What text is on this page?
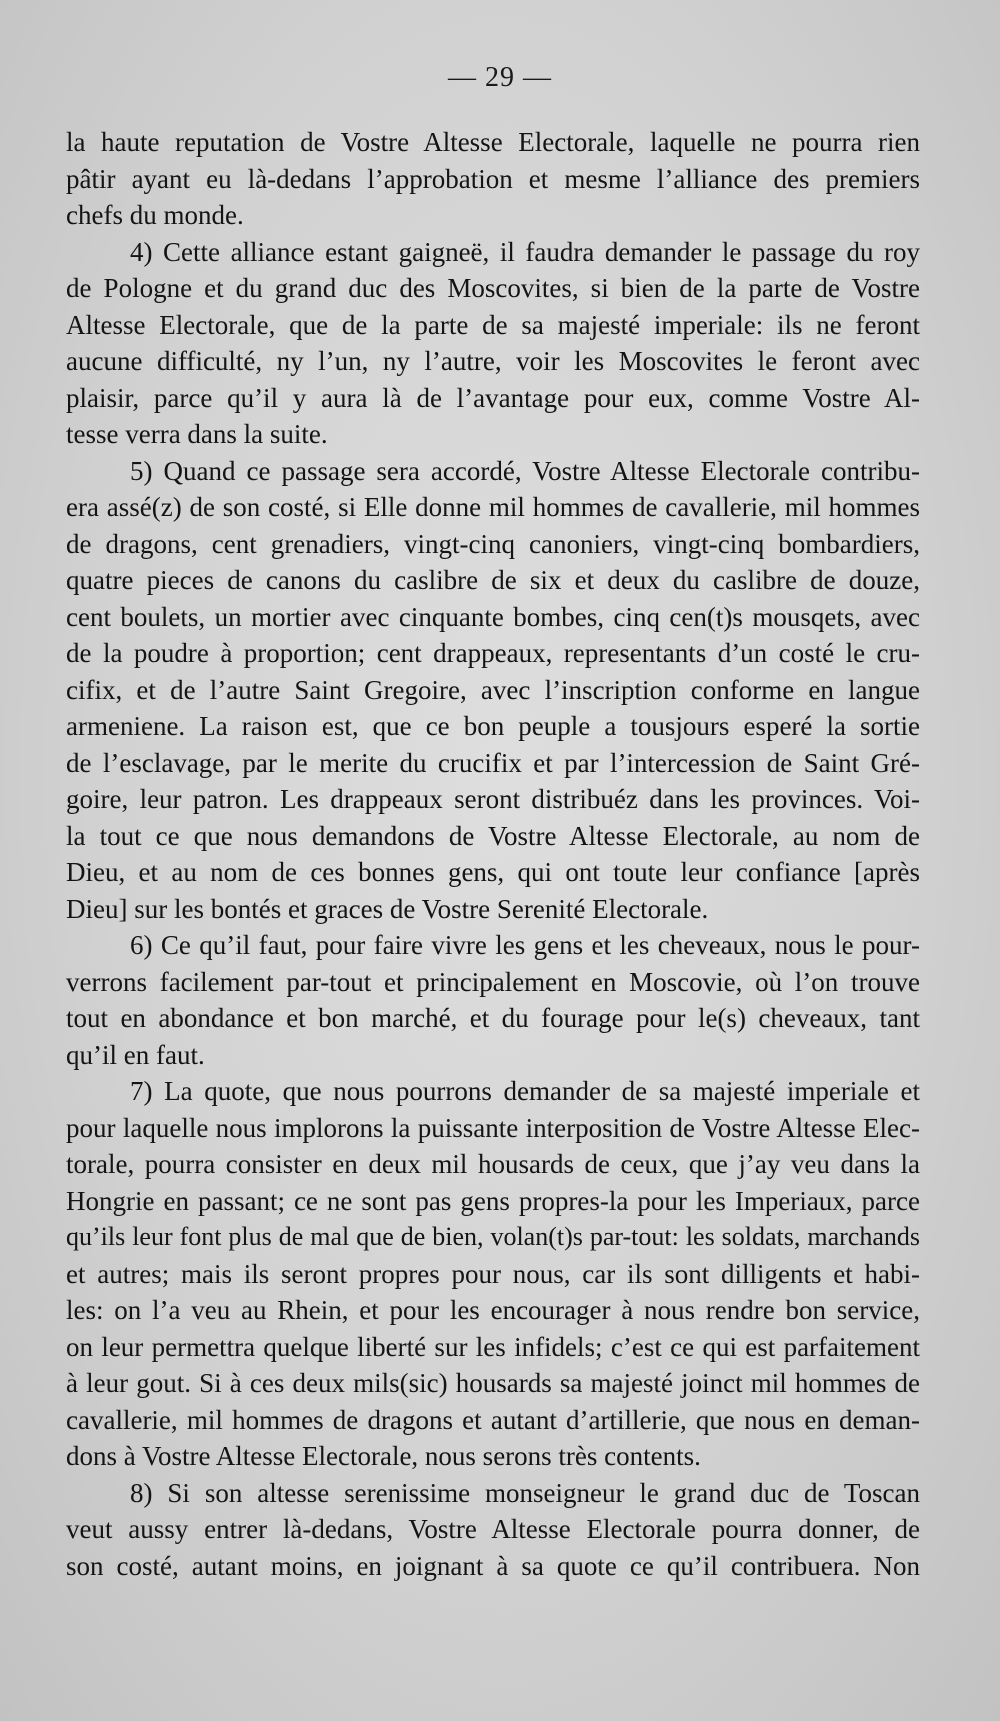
— 29 —
la haute reputation de Vostre Altesse Electorale, laquelle ne pourra rien
pâtir ayant eu là-dedans l’approbation et mesme l’alliance des premiers
chefs du monde.
4) Cette alliance estant gaigneë, il faudra demander le passage du roy
de Pologne et du grand duc des Moscovites, si bien de la parte de Vostre
Altesse Electorale, que de la parte de sa majesté imperiale: ils ne feront
aucune difficulté, ny l’un, ny l’autre, voir les Moscovites le feront avec
plaisir, parce qu’il y aura là de l’avantage pour eux, comme Vostre Al-
tesse verra dans la suite.
5) Quand ce passage sera accordé, Vostre Altesse Electorale contribu-
era assé(z) de son costé, si Elle donne mil hommes de cavallerie, mil hommes
de dragons, cent grenadiers, vingt-cinq canoniers, vingt-cinq bombardiers,
quatre pieces de canons du caslibre de six et deux du caslibre de douze,
cent boulets, un mortier avec cinquante bombes, cinq cen(t)s mousqets, avec
de la poudre à proportion; cent drappeaux, representants d’un costé le cru-
cifix, et de l’autre Saint Gregoire, avec l’inscription conforme en langue
armeniene. La raison est, que ce bon peuple a tousjours esperé la sortie
de l’esclavage, par le merite du crucifix et par l’intercession de Saint Gré-
goire, leur patron. Les drappeaux seront distribuéz dans les provinces. Voi-
la tout ce que nous demandons de Vostre Altesse Electorale, au nom de
Dieu, et au nom de ces bonnes gens, qui ont toute leur confiance [après
Dieu] sur les bontés et graces de Vostre Serenité Electorale.
6) Ce qu’il faut, pour faire vivre les gens et les cheveaux, nous le pour-
verrons facilement par-tout et principalement en Moscovie, où l’on trouve
tout en abondance et bon marché, et du fourage pour le(s) cheveaux, tant
qu’il en faut.
7) La quote, que nous pourrons demander de sa majesté imperiale et
pour laquelle nous implorons la puissante interposition de Vostre Altesse Elec-
torale, pourra consister en deux mil housards de ceux, que j’ay veu dans la
Hongrie en passant; ce ne sont pas gens propres-la pour les Imperiaux, parce
qu’ils leur font plus de mal que de bien, volan(t)s par-tout: les soldats, marchands
et autres; mais ils seront propres pour nous, car ils sont dilligents et habi-
les: on l’a veu au Rhein, et pour les encourager à nous rendre bon service,
on leur permettra quelque liberté sur les infidels; c’est ce qui est parfaitement
à leur gout. Si à ces deux mils(sic) housards sa majesté joinct mil hommes de
cavallerie, mil hommes de dragons et autant d’artillerie, que nous en deman-
dons à Vostre Altesse Electorale, nous serons très contents.
8) Si son altesse serenissime monseigneur le grand duc de Toscan
veut aussy entrer là-dedans, Vostre Altesse Electorale pourra donner, de
son costé, autant moins, en joignant à sa quote ce qu’il contribuera. Non
